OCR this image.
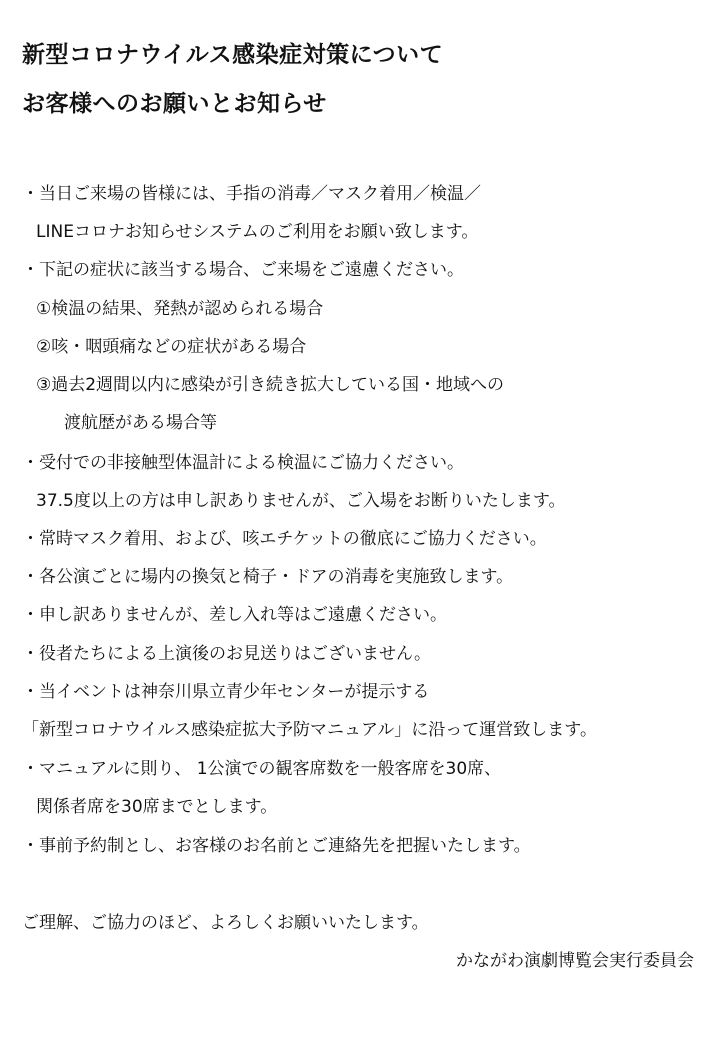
新型コロナウイルス感染症対策について
お客様へのお願いとお知らせ
・当日ご来場の皆様には、手指の消毒／マスク着用／検温／
LINEコロナお知らせシステムのご利用をお願い致します。
・下記の症状に該当する場合、ご来場をご遠慮ください。
①検温の結果、発熱が認められる場合
②咳・咽頭痛などの症状がある場合
③過去2週間以内に感染が引き続き拡大している国・地域への
渡航歴がある場合等
・受付での非接触型体温計による検温にご協力ください。
37.5度以上の方は申し訳ありませんが、ご入場をお断りいたします。
・常時マスク着用、および、咳エチケットの徹底にご協力ください。
・各公演ごとに場内の換気と椅子・ドアの消毒を実施致します。
・申し訳ありませんが、差し入れ等はご遠慮ください。
・役者たちによる上演後のお見送りはございません。
・当イベントは神奈川県立青少年センターが提示する
「新型コロナウイルス感染症拡大予防マニュアル」に沿って運営致します。
・マニュアルに則り、 1公演での観客席数を一般客席を30席、
関係者席を30席までとします。
・事前予約制とし、お客様のお名前とご連絡先を把握いたします。
ご理解、ご協力のほど、よろしくお願いいたします。
かながわ演劇博覧会実行委員会
